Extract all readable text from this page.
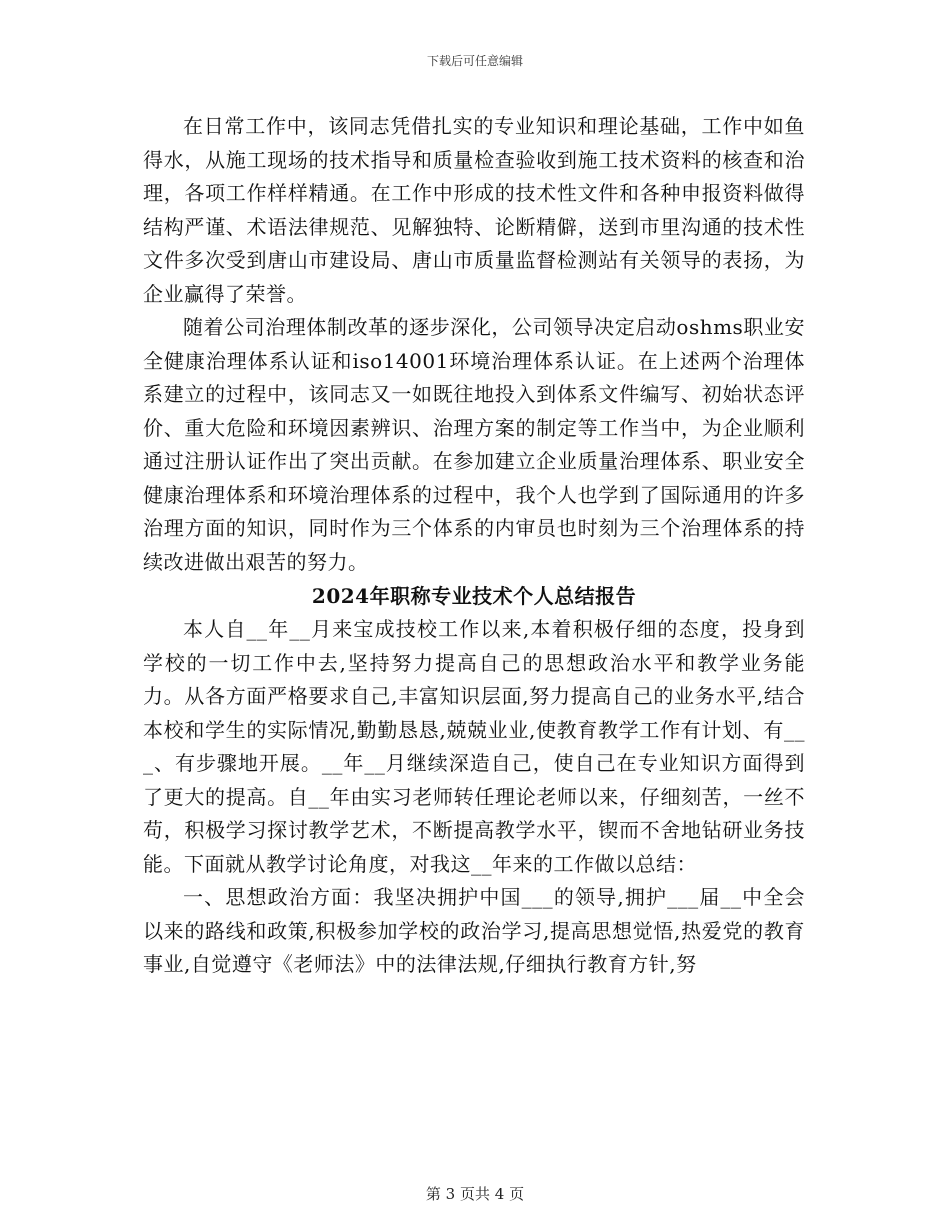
下载后可任意编辑

在日常工作中，该同志凭借扎实的专业知识和理论基础，工作中如鱼得水，从施工现场的技术指导和质量检查验收到施工技术资料的核查和治理，各项工作样样精通。在工作中形成的技术性文件和各种申报资料做得结构严谨、术语法律规范、见解独特、论断精僻，送到市里沟通的技术性文件多次受到唐山市建设局、唐山市质量监督检测站有关领导的表扬，为企业赢得了荣誉。

随着公司治理体制改革的逐步深化，公司领导决定启动oshms职业安全健康治理体系认证和iso14001环境治理体系认证。在上述两个治理体系建立的过程中，该同志又一如既往地投入到体系文件编写、初始状态评价、重大危险和环境因素辨识、治理方案的制定等工作当中，为企业顺利通过注册认证作出了突出贡献。在参加建立企业质量治理体系、职业安全健康治理体系和环境治理体系的过程中，我个人也学到了国际通用的许多治理方面的知识，同时作为三个体系的内审员也时刻为三个治理体系的持续改进做出艰苦的努力。

2024年职称专业技术个人总结报告

本人自__年__月来宝成技校工作以来,本着积极仔细的态度，投身到学校的一切工作中去,坚持努力提高自己的思想政治水平和教学业务能力。从各方面严格要求自己,丰富知识层面,努力提高自己的业务水平,结合本校和学生的实际情况,勤勤恳恳,兢兢业业,使教育教学工作有计划、有___、有步骤地开展。__年__月继续深造自己，使自己在专业知识方面得到了更大的提高。自__年由实习老师转任理论老师以来，仔细刻苦，一丝不苟，积极学习探讨教学艺术，不断提高教学水平，锲而不舍地钻研业务技能。下面就从教学讨论角度，对我这__年来的工作做以总结：

一、思想政治方面：我坚决拥护中国___的领导,拥护___届__中全会以来的路线和政策,积极参加学校的政治学习,提高思想觉悟,热爱党的教育事业,自觉遵守《老师法》中的法律法规,仔细执行教育方针,努

第 3 页共 4 页
